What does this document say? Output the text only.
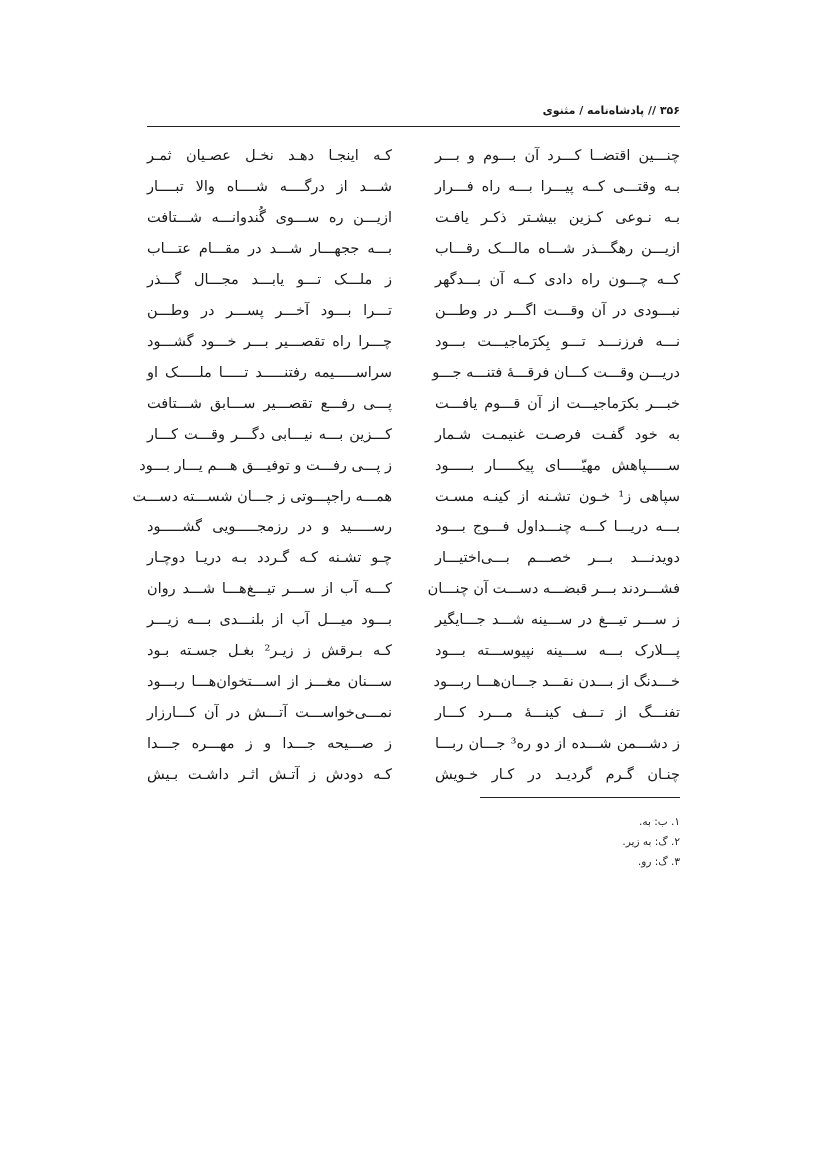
۳۵۶ // پادشاه‌نامه / مثنوی
چنـــین اقتضــا کـــرد آن بـــوم و بـــر
کـه اینجـا دهـد نخـل عصـیان ثمـر
بـه وقتـــی کــه پیـــرا بـــه راه فـــرار
شـــد از درگــــه شــــاه والا تبــــار
بـه نـوعی کـزین بیشـتر ذکـر یافـت
ازیـــن ره ســـوی گُندوانـــه شـــتافت
ازیـــن رهگـــذر شـــاه مالـــک رقـــاب
بـــه ججهـــار شـــد در مقـــام عتـــاب
کــه چـــون راه دادی کــه آن بـــدگهر
ز ملـــک تـــو یابـــد مجـــال گـــذر
نبـــودی در آن وقـــت اگـــر در وطـــن
تـــرا بـــود آخـــر پســـر در وطـــن
نـــه فرزنـــد تـــو بِکرَماجیـــت بـــود
چـــرا راه تقصـــیر بـــر خـــود گشـــود
دریـــن وقـــت کـــان فرقـــهٔ فتنـــه جـــو
سراســـــیمه رفتنـــــد تـــــا ملـــــک او
خبـــر بکرَماجیـــت از آن قـــوم یافـــت
پـــی رفـــع تقصـــیر ســـابق شـــتافت
به خود گفـت فرصـت غنیمـت شـمار
کـــزین بـــه نیـــابی دگـــر وقـــت کـــار
ســـــپاهش مهیّـــــای پیکـــــار بـــــود
ز پـــی رفـــت و توفیـــق هـــم یـــار بـــود
سپاهی ز¹ خـون تشـنه از کینـه مسـت
همـــه راجپـــوتی ز جـــان شســـته دســـت
بـــه دریـــا کـــه چنـــداول فـــوج بـــود
رســـــید و در رزمجـــــویی گشـــــود
دویدنـــد بـــر خصـــم بـــی‌اختیـــار
چـو تشـنه کـه گـردد بـه دریـا دوچـار
فشـــردند بـــر قبضـــه دســـت آن چنـــان
کـــه آب از ســـر تیـــغ‌هـــا شـــد روان
ز ســـر تیـــغ در ســـینه شـــد جـــایگیر
بـــود میـــل آب از بلنـــدی بـــه زیـــر
پـــلارک بـــه ســـینه نپیوســـته بـــود
کـه بـرقش ز زیـر² بغـل جسـته بـود
خـــدنگ از بـــدن نقـــد جـــان‌هـــا ربـــود
ســـنان مغـــز از اســـتخوان‌هـــا ربـــود
تفنـــگ از تـــف کینـــهٔ مـــرد کـــار
نمـــی‌خواســـت آتـــش در آن کـــارزار
ز دشـــمن شـــده از دو ره³ جـــان ربـــا
ز صـــیحه جـــدا و ز مهـــره جـــدا
چنـان گـرم گردیـد در کـار خـویش
کـه دودش ز آتـش اثـر داشـت بـیش
۱. ب: به.
۲. گ: به زیر.
۳. گ: رو.
